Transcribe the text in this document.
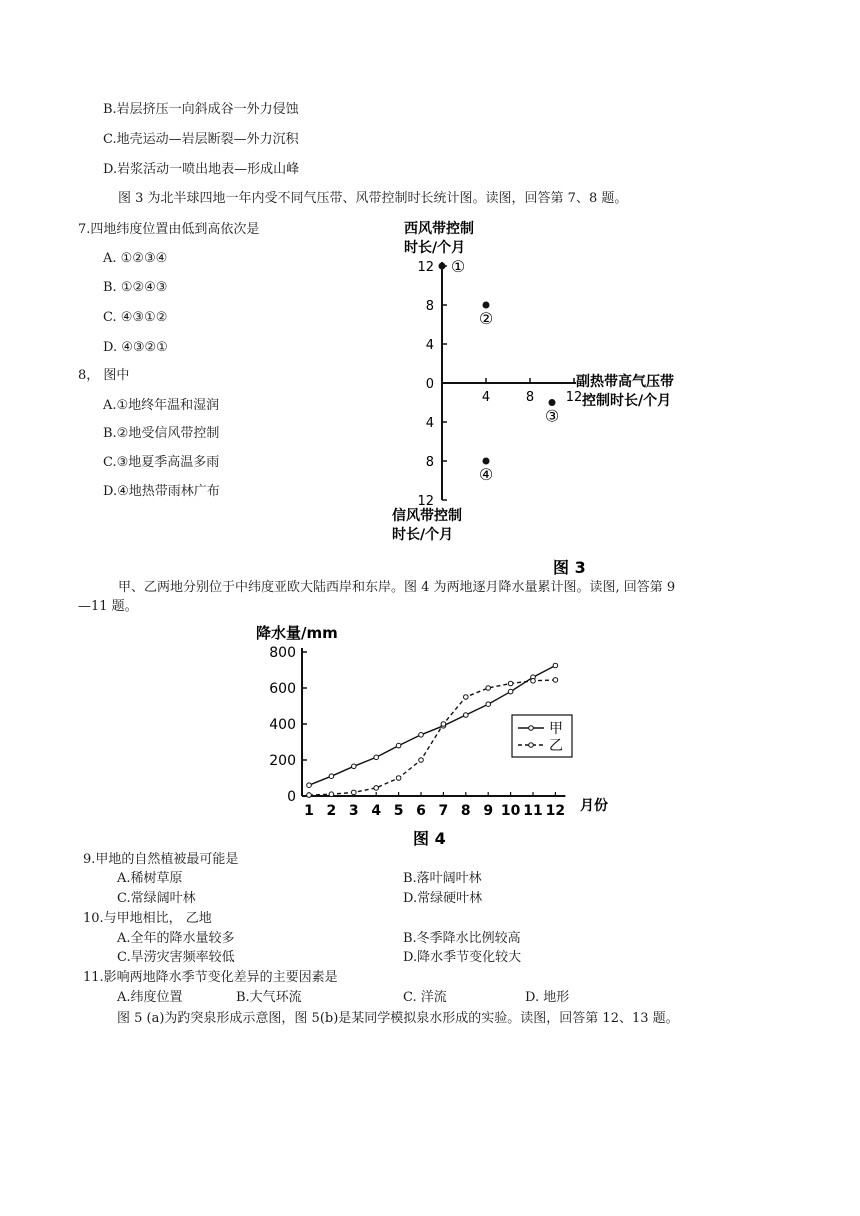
B.岩层挤压一向斜成谷一外力侵蚀
C.地壳运动—岩层断裂—外力沉积
D.岩浆活动一喷出地表—形成山峰
图 3 为北半球四地一年内受不同气压带、风带控制时长统计图。读图，回答第 7、8 题。
7.四地纬度位置由低到高依次是
A. ①②③④
B. ①②④③
C. ④③①②
D. ④③②①
8， 图中
A.①地终年温和湿润
B.②地受信风带控制
C.③地夏季高温多雨
D.④地热带雨林广布
西风带控制
时长/个月
副热带高气压带
控制时长/个月
信风带控制
时长/个月
图 3
12
8
4
0
4
8
12
4	8 12
①
②
③
④
甲、乙两地分别位于中纬度亚欧大陆西岸和东岸。图 4 为两地逐月降水量累计图。读图, 回答第 9
—11 题。
降水量/mm
月份
图 4
0
200
400
600
800
1 2 3 4 5 6 7 8 9 10 11 12
甲
乙
9.甲地的自然植被最可能是
A.稀树草原	B.落叶阔叶林
C.常绿阔叶林	D.常绿硬叶林
10.与甲地相比， 乙地
A.全年的降水量较多	B.冬季降水比例较高
C.旱涝灾害频率较低	D.降水季节变化较大
11.影响两地降水季节变化差异的主要因素是
A.纬度位置	B.大气环流	C. 洋流	D. 地形
图 5 (a)为趵突泉形成示意图，图 5(b)是某同学模拟泉水形成的实验。读图，回答第 12、13 题。
